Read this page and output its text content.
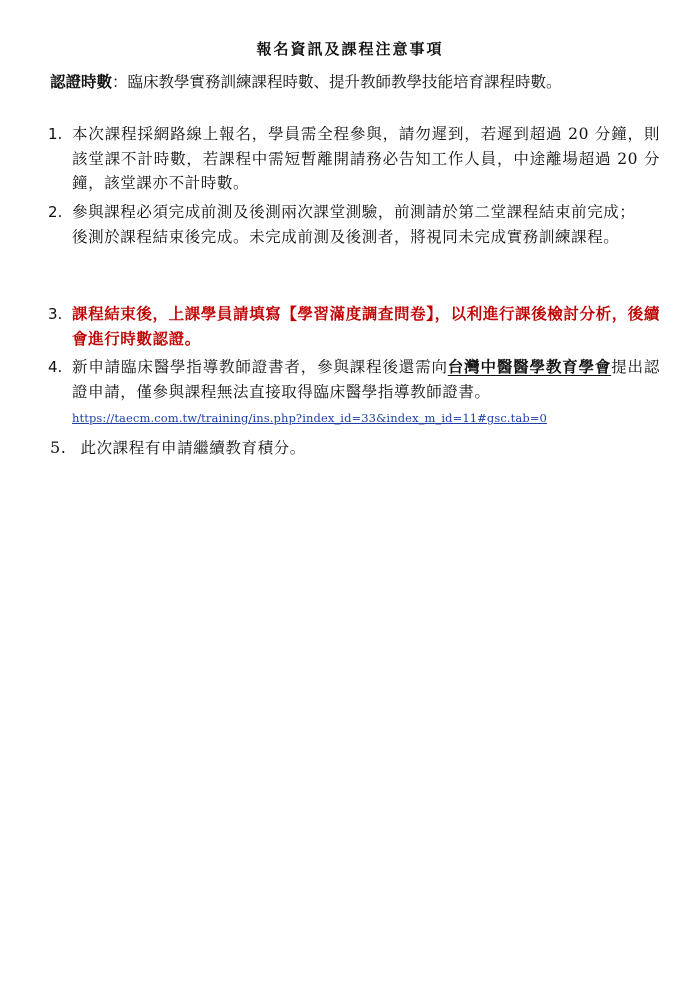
報名資訊及課程注意事項
認證時數：臨床教學實務訓練課程時數、提升教師教學技能培育課程時數。
1. 本次課程採網路線上報名，學員需全程參與，請勿遲到，若遲到超過 20 分鐘，則該堂課不計時數，若課程中需短暫離開請務必告知工作人員，中途離場超過 20 分鐘，該堂課亦不計時數。

2. 參與課程必須完成前測及後測兩次課堂測驗，前測請於第二堂課程結束前完成；

後測於課程結束後完成。未完成前測及後測者，將視同未完成實務訓練課程。

3. 課程結束後，上課學員請填寫【學習滿度調查問卷】，以利進行課後檢討分析，後續會進行時數認證。

4. 新申請臨床醫學指導教師證書者，參與課程後還需向台灣中醫醫學教育學會提出認證申請，僅參與課程無法直接取得臨床醫學指導教師證書。

https://taecm.com.tw/training/ins.php?index_id=33&index_m_id=11#gsc.tab=0
5. 此次課程有申請繼續教育積分。
